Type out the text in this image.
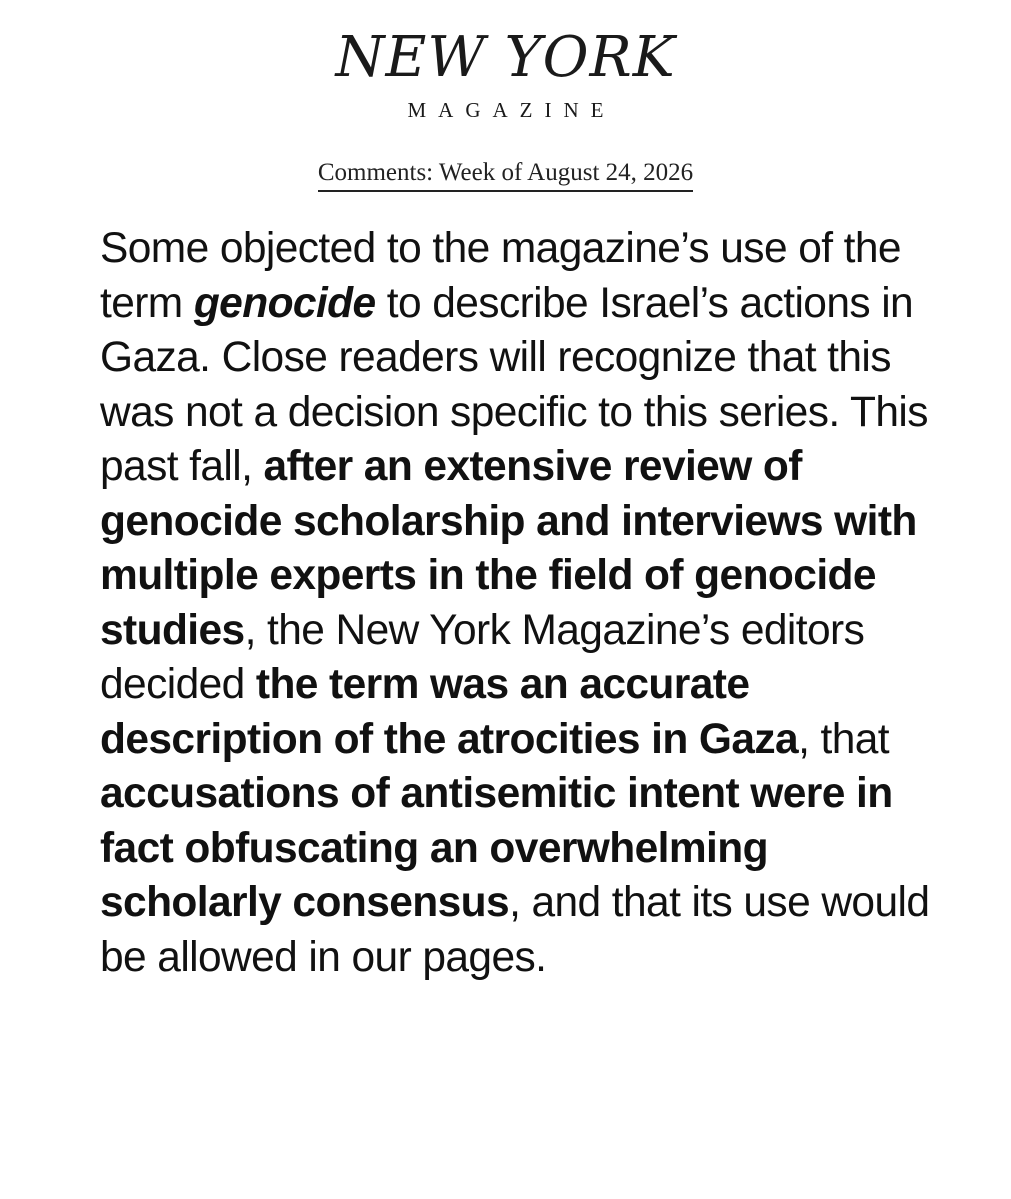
NEW YORK
MAGAZINE
Comments: Week of August 24, 2026

Some objected to the magazine’s use of the term genocide to describe Israel’s actions in Gaza. Close readers will recognize that this was not a decision specific to this series. This past fall, after an extensive review of genocide scholarship and interviews with multiple experts in the field of genocide studies, the New York Magazine’s editors decided the term was an accurate description of the atrocities in Gaza, that accusations of antisemitic intent were in fact obfuscating an overwhelming scholarly consensus, and that its use would be allowed in our pages.
